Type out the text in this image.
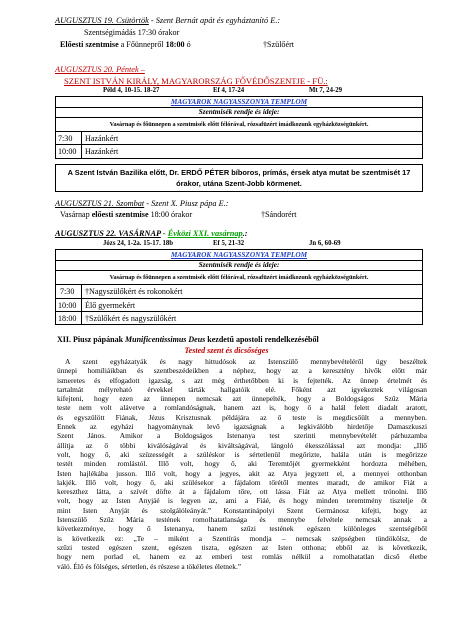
AUGUSZTUS 19. Csütörtök - Szent Bernát apát és egyháztanító E.:
Szentségimádás 17:30 órakor
Előesti szentmise a Főünnepről 18:00 ó	†Szülőért
AUGUSZTUS 20. Péntek –
SZENT ISTVÁN KIRÁLY, MAGYARORSZÁG FŐVÉDŐSZENTJE - FÜ.:
Péld 4, 10-15. 18-27	Ef 4, 17-24	Mt 7, 24-29
MAGYAROK NAGYASSZONYA TEMPLOM
Szentmisék rendje és ideje:
Vasárnap és főünnepen a szentmisék előtt félórával, rózsafüzért imádkozunk egyházközségünkért.
7:30 Hazánkért
10:00 Hazánkért
A Szent István Bazilika előtt, Dr. ERDŐ PÉTER bíboros, prímás, érsek atya mutat be szentmisét 17 órakor, utána Szent-Jobb körmenet.
AUGUSZTUS 21. Szombat - Szent X. Piusz pápa E.:
Vasárnap előesti szentmise 18:00 órakor	†Sándorért
AUGUSZTUS 22. VASÁRNAP - Évközi XXI. vasárnap.:
Józs 24, 1-2a. 15-17. 18b	Ef 5, 21-32	Jn 6, 60-69
MAGYAROK NAGYASSZONYA TEMPLOM
Szentmisék rendje és ideje:
Vasárnap és főünnepen a szentmisék előtt félórával, rózsafüzért imádkozunk egyházközségünkért.
7:30 †Nagyszülőkért és rokonokért
10:00 Élő gyermekért
18:00 †Szülőkért és nagyszülőkért
XII. Piusz pápának Munificentissimus Deus kezdetű apostoli rendelkezéséből
Tested szent és dicsőséges
A szent egyházatyák és nagy hittudósok az Istenszülő mennybevételéről úgy beszéltek
ünnepi homíliáikban és szentbeszédeikben a néphez, hogy az a keresztény hívők előtt már
ismeretes és elfogadott igazság, s azt még érthetőbben ki is fejtették. Az ünnep értelmét és
tartalmát mélyreható érvekkel tárták hallgatóik elé. Főként azt igyekeztek világosan
kifejteni, hogy ezen az ünnepen nemcsak azt ünnepelték, hogy a Boldogságos Szűz Mária
teste nem volt alávetve a romlandóságnak, hanem azt is, hogy ő a halál felett diadalt aratott,
és egyszülött Fiának, Jézus Krisztusnak példájára az ő teste is megdicsőült a mennyben.
Ennek az egyházi hagyománynak levő igazságnak a legkiválóbb hirdetője Damaszkuszi
Szent János. Amikor a Boldogságos Istenanya test szerinti mennybevételét párhuzamba
állítja az ő többi kiválóságával és kiváltságával, lángoló ékesszólással azt mondja: „Illő
volt, hogy ő, aki szüzességét a szüléskor is sértetlenül megőrizte, halála után is megőrizze
testét minden romlástól. Illő volt, hogy ő, aki Teremtőjét gyermekként hordozta méhében,
Isten hajlékába jusson. Illő volt, hogy a jegyes, akit az Atya jegyzett el, a mennyei otthonban
lakjék. Illő volt, hogy ő, aki szülésekor a fájdalom tőrétől mentes maradt, de amikor Fiát a
kereszthez látta, a szívét döfte át a fájdalom tőre, ott lássa Fiát az Atya mellett trónolni. Illő
volt, hogy az Isten Anyjáé is legyen az, ami a Fiáé, és hogy minden teremtmény tisztelje őt
mint Isten Anyját és szolgálóleányát.” Konstantinápolyi Szent Germánosz kifejti, hogy az
Istenszülő Szűz Mária testének romolhatatlansága és mennybe felvétele nemcsak annak a
következménye, hogy ő Istenanya, hanem szűzi testének egészen különleges szentségéből
is következik ez: „Te – miként a Szentírás mondja – nemcsak szépségben tündökölsz, de
szűzi tested egészen szent, egészen tiszta, egészen az Isten otthona; ebből az is következik,
hogy nem porlad el, hanem ez az emberi test romlás nélkül a romolhatatlan dicső életbe
váló. Élő és fölséges, sértetlen, és részese a tökéletes életnek.”
